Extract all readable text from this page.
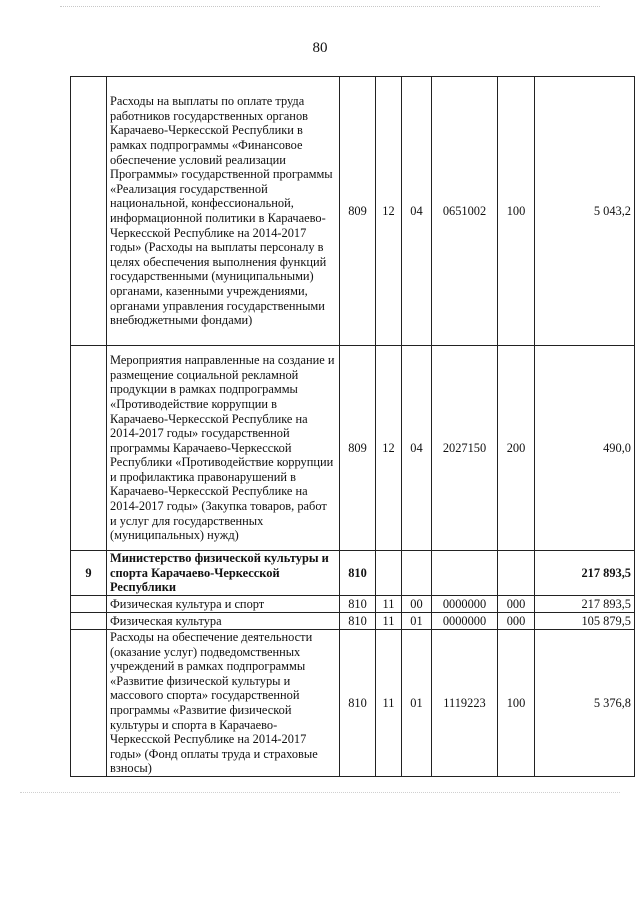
80
	Расходы на выплаты по оплате труда работников государственных органов Карачаево-Черкесской Республики в рамках подпрограммы «Финансовое обеспечение условий реализации Программы» государственной программы «Реализация государственной национальной, конфессиональной, информационной политики в Карачаево-Черкесской Республике на 2014-2017 годы» (Расходы на выплаты персоналу в целях обеспечения выполнения функций государственными (муниципальными) органами, казенными учреждениями, органами управления государственными внебюджетными фондами)	809	12	04	0651002	100	5 043,2
	Мероприятия направленные на создание и размещение социальной рекламной продукции в рамках подпрограммы «Противодействие коррупции в Карачаево-Черкесской Республике на 2014-2017 годы» государственной программы Карачаево-Черкесской Республики «Противодействие коррупции и профилактика правонарушений в Карачаево-Черкесской Республике на 2014-2017 годы» (Закупка товаров, работ и услуг для государственных (муниципальных) нужд)	809	12	04	2027150	200	490,0
9	Министерство физической культуры и спорта Карачаево-Черкесской Республики	810					217 893,5
	Физическая культура и спорт	810	11	00	0000000	000	217 893,5
	Физическая культура	810	11	01	0000000	000	105 879,5
	Расходы на обеспечение деятельности (оказание услуг) подведомственных учреждений в рамках подпрограммы «Развитие физической культуры и массового спорта» государственной программы «Развитие физической культуры и спорта в Карачаево-Черкесской Республике на 2014-2017 годы» (Фонд оплаты труда и страховые взносы)	810	11	01	1119223	100	5 376,8
